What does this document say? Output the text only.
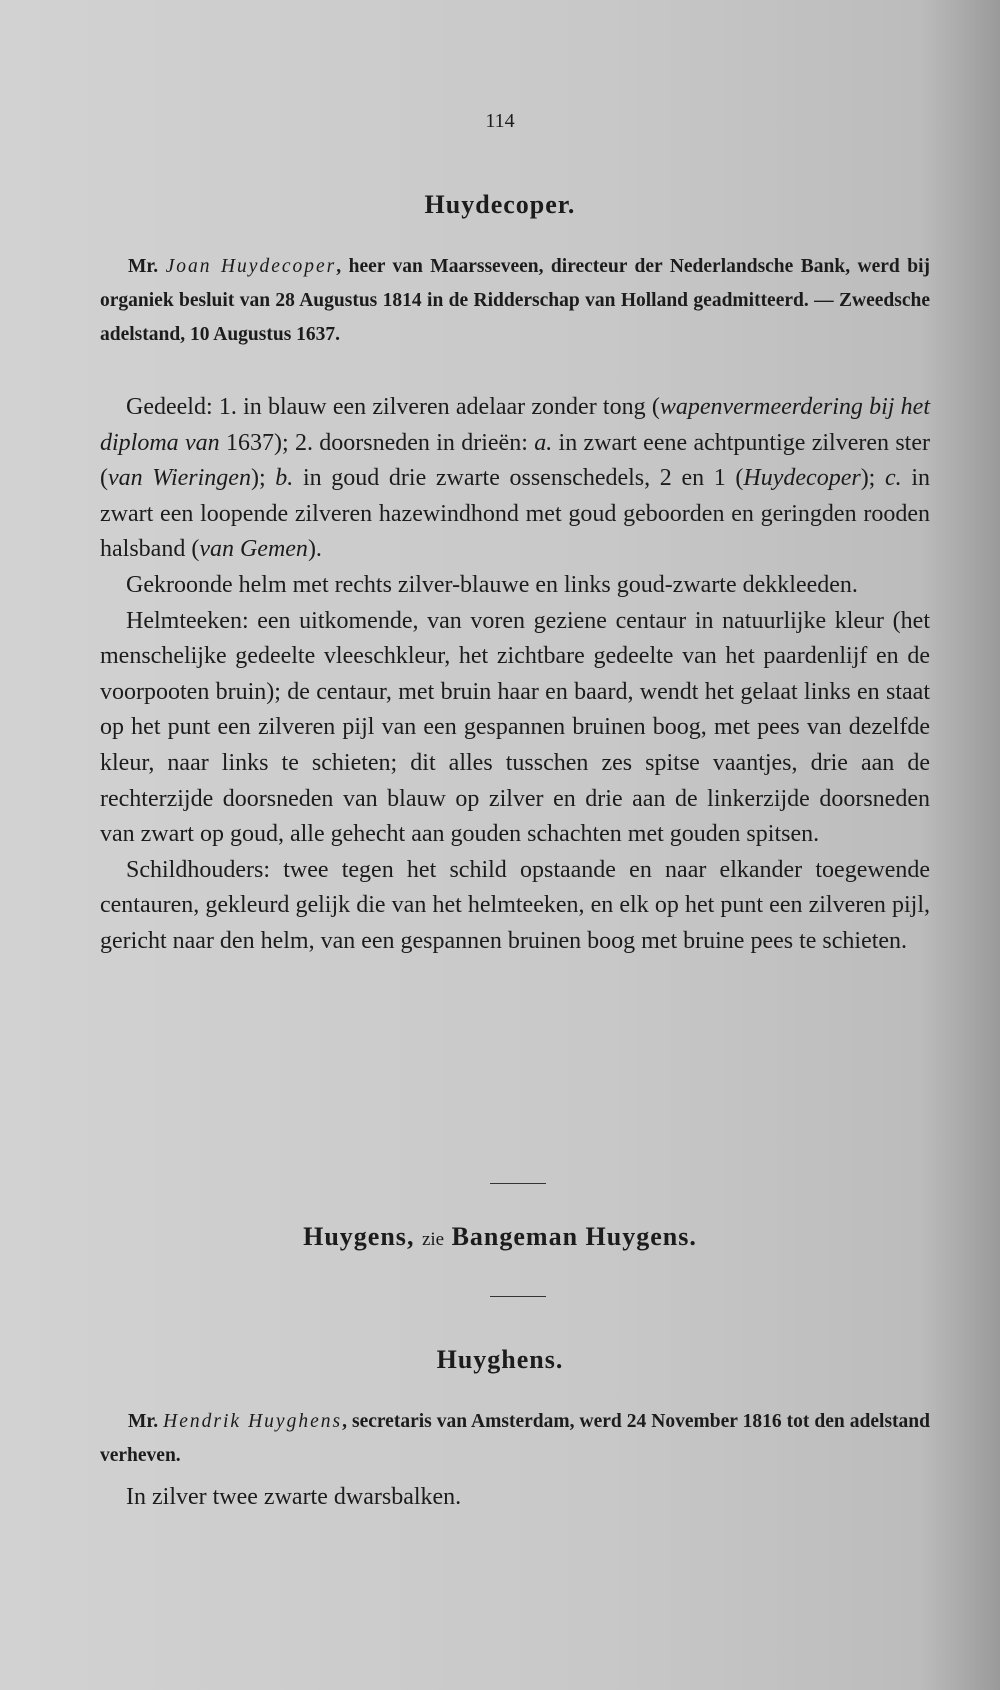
114
Huydecoper.

Mr. Joan Huydecoper, heer van Maarsseveen, directeur der Nederlandsche Bank, werd bij organiek besluit van 28 Augustus 1814 in de Ridderschap van Holland geadmitteerd. — Zweedsche adelstand, 10 Augustus 1637.

Gedeeld: 1. in blauw een zilveren adelaar zonder tong (wapenvermeerdering bij het diploma van 1637); 2. doorsneden in drieën: a. in zwart eene achtpuntige zilveren ster (van Wieringen); b. in goud drie zwarte ossenschedels, 2 en 1 (Huydecoper); c. in zwart een loopende zilveren hazewindhond met goud geboorden en geringden rooden halsband (van Gemen).

Gekroonde helm met rechts zilver-blauwe en links goud-zwarte dekkleeden.

Helmteeken: een uitkomende, van voren geziene centaur in natuurlijke kleur (het menschelijke gedeelte vleeschkleur, het zichtbare gedeelte van het paardenlijf en de voorpooten bruin); de centaur, met bruin haar en baard, wendt het gelaat links en staat op het punt een zilveren pijl van een gespannen bruinen boog, met pees van dezelfde kleur, naar links te schieten; dit alles tusschen zes spitse vaantjes, drie aan de rechterzijde doorsneden van blauw op zilver en drie aan de linkerzijde doorsneden van zwart op goud, alle gehecht aan gouden schachten met gouden spitsen.

Schildhouders: twee tegen het schild opstaande en naar elkander toegewende centauren, gekleurd gelijk die van het helmteeken, en elk op het punt een zilveren pijl, gericht naar den helm, van een gespannen bruinen boog met bruine pees te schieten.

Huygens, zie Bangeman Huygens.
Huyghens.

Mr. Hendrik Huyghens, secretaris van Amsterdam, werd 24 November 1816 tot den adelstand verheven.

In zilver twee zwarte dwarsbalken.
